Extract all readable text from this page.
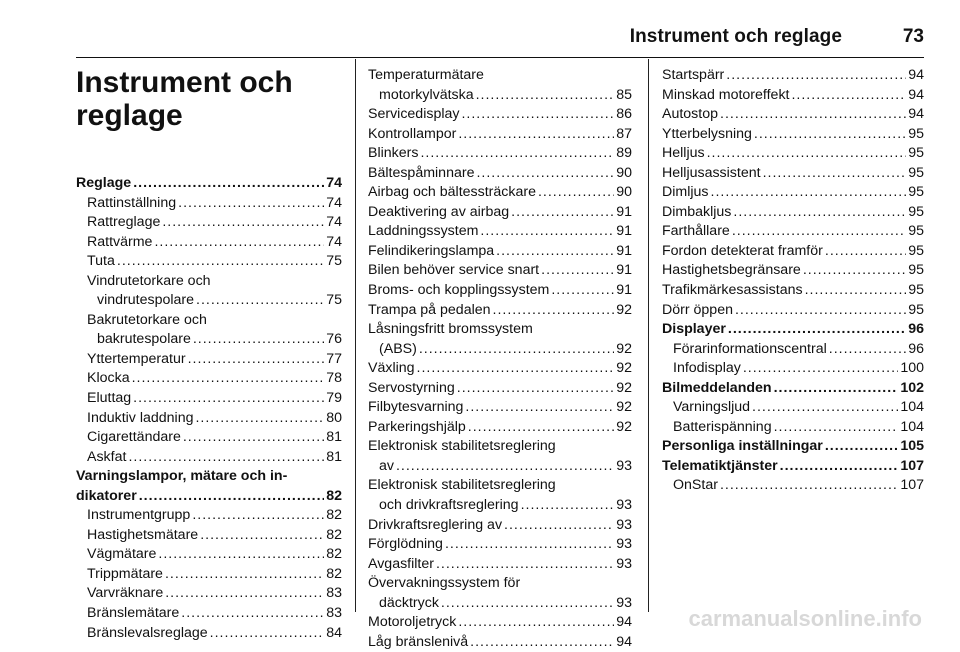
Instrument och reglage	73
Instrument och reglage
Reglage .....	74
Rattinställning .....	74
Rattreglage .....	74
Rattvärme .....	74
Tuta .....	75
Vindrutetorkare och
vindrutespolare .....	75
Bakrutetorkare och
bakrutespolare .....	76
Yttertemperatur .....	77
Klocka .....	78
Eluttag .....	79
Induktiv laddning .....	80
Cigarettändare .....	81
Askfat .....	81
Varningslampor, mätare och in-
dikatorer .....	82
Instrumentgrupp .....	82
Hastighetsmätare .....	82
Vägmätare .....	82
Trippmätare .....	82
Varvräknare .....	83
Bränslemätare .....	83
Bränslevalsreglage .....	84
Temperaturmätare
motorkylvätska .....	85
Servicedisplay .....	86
Kontrollampor .....	87
Blinkers .....	89
Bältespåminnare .....	90
Airbag och bältessträckare .....	90
Deaktivering av airbag .....	91
Laddningssystem .....	91
Felindikeringslampa .....	91
Bilen behöver service snart .....	91
Broms- och kopplingssystem .....	91
Trampa på pedalen .....	92
Låsningsfritt bromssystem
(ABS) .....	92
Växling .....	92
Servostyrning .....	92
Filbytesvarning .....	92
Parkeringshjälp .....	92
Elektronisk stabilitetsreglering
av .....	93
Elektronisk stabilitetsreglering
och drivkraftsreglering .....	93
Drivkraftsreglering av .....	93
Förglödning .....	93
Avgasfilter .....	93
Övervakningssystem för
däcktryck .....	93
Motoroljetryck .....	94
Låg bränslenivå .....	94
Startspärr .....	94
Minskad motoreffekt .....	94
Autostop .....	94
Ytterbelysning .....	95
Helljus .....	95
Helljusassistent .....	95
Dimljus .....	95
Dimbakljus .....	95
Farthållare .....	95
Fordon detekterat framför .....	95
Hastighetsbegränsare .....	95
Trafikmärkesassistans .....	95
Dörr öppen .....	95
Displayer .....	96
Förarinformationscentral .....	96
Infodisplay .....	100
Bilmeddelanden .....	102
Varningsljud .....	104
Batterispänning .....	104
Personliga inställningar .....	105
Telematiktjänster .....	107
OnStar .....	107
carmanualsonline.info
